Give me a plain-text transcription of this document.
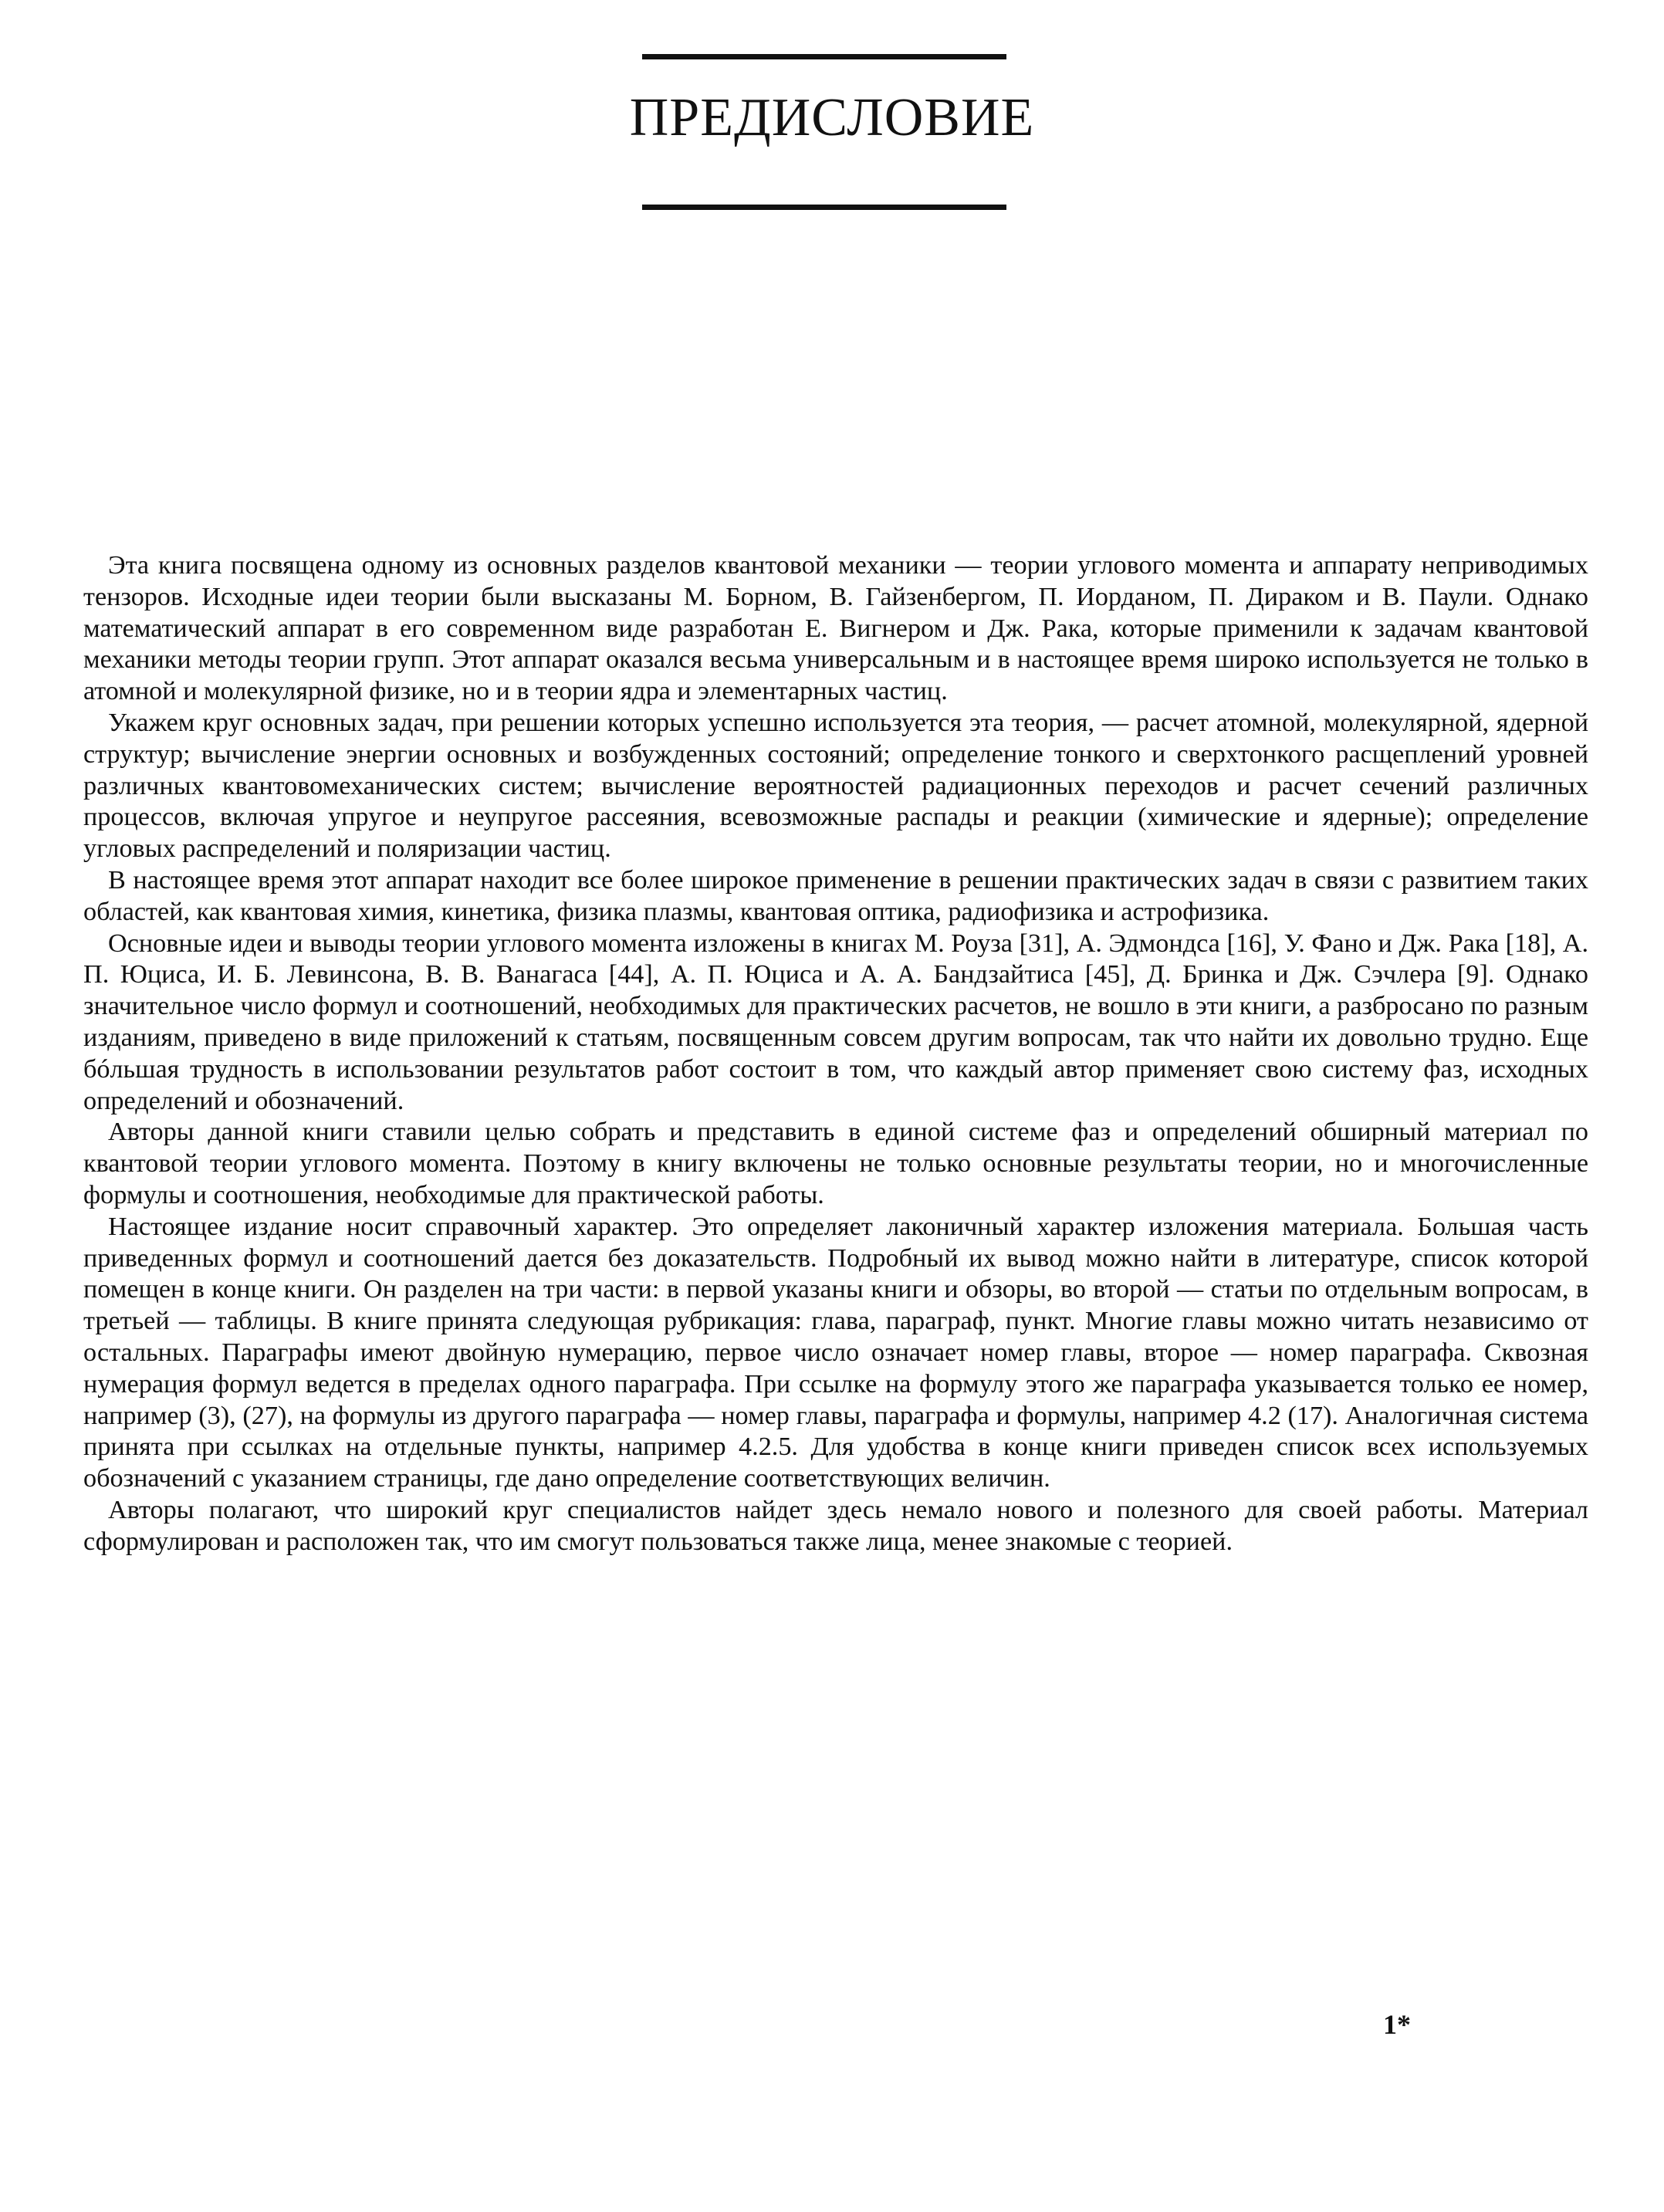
ПРЕДИСЛОВИЕ

Эта книга посвящена одному из основных разделов квантовой механики — теории углового момента и аппарату неприводимых тензоров. Исходные идеи теории были высказаны М. Борном, В. Гайзенбергом, П. Иорданом, П. Дираком и В. Паули. Однако математический аппарат в его современном виде разработан Е. Вигнером и Дж. Рака, которые применили к задачам квантовой механики методы теории групп. Этот аппарат оказался весьма универсальным и в настоящее время широко используется не только в атомной и молекулярной физике, но и в теории ядра и элементарных частиц.

Укажем круг основных задач, при решении которых успешно используется эта теория, — расчет атомной, молекулярной, ядерной структур; вычисление энергии основных и возбужденных состояний; определение тонкого и сверхтонкого расщеплений уровней различных квантовомеханических систем; вычисление вероятностей радиационных переходов и расчет сечений различных процессов, включая упругое и неупругое рассеяния, всевозможные распады и реакции (химические и ядерные); определение угловых распределений и поляризации частиц.

В настоящее время этот аппарат находит все более широкое применение в решении практических задач в связи с развитием таких областей, как квантовая химия, кинетика, физика плазмы, квантовая оптика, радиофизика и астрофизика.

Основные идеи и выводы теории углового момента изложены в книгах М. Роуза [31], А. Эдмондса [16], У. Фано и Дж. Рака [18], А. П. Юциса, И. Б. Левинсона, В. В. Ванагаса [44], А. П. Юциса и А. А. Бандзайтиса [45], Д. Бринка и Дж. Сэчлера [9]. Однако значительное число формул и соотношений, необходимых для практических расчетов, не вошло в эти книги, а разбросано по разным изданиям, приведено в виде приложений к статьям, посвященным совсем другим вопросам, так что найти их довольно трудно. Еще бóльшая трудность в использовании результатов работ состоит в том, что каждый автор применяет свою систему фаз, исходных определений и обозначений.

Авторы данной книги ставили целью собрать и представить в единой системе фаз и определений обширный материал по квантовой теории углового момента. Поэтому в книгу включены не только основные результаты теории, но и многочисленные формулы и соотношения, необходимые для практической работы.

Настоящее издание носит справочный характер. Это определяет лаконичный характер изложения материала. Большая часть приведенных формул и соотношений дается без доказательств. Подробный их вывод можно найти в литературе, список которой помещен в конце книги. Он разделен на три части: в первой указаны книги и обзоры, во второй — статьи по отдельным вопросам, в третьей — таблицы. В книге принята следующая рубрикация: глава, параграф, пункт. Многие главы можно читать независимо от остальных. Параграфы имеют двойную нумерацию, первое число означает номер главы, второе — номер параграфа. Сквозная нумерация формул ведется в пределах одного параграфа. При ссылке на формулу этого же параграфа указывается только ее номер, например (3), (27), на формулы из другого параграфа — номер главы, параграфа и формулы, например 4.2 (17). Аналогичная система принята при ссылках на отдельные пункты, например 4.2.5. Для удобства в конце книги приведен список всех используемых обозначений с указанием страницы, где дано определение соответствующих величин.

Авторы полагают, что широкий круг специалистов найдет здесь немало нового и полезного для своей работы. Материал сформулирован и расположен так, что им смогут пользоваться также лица, менее знакомые с теорией.

1*
